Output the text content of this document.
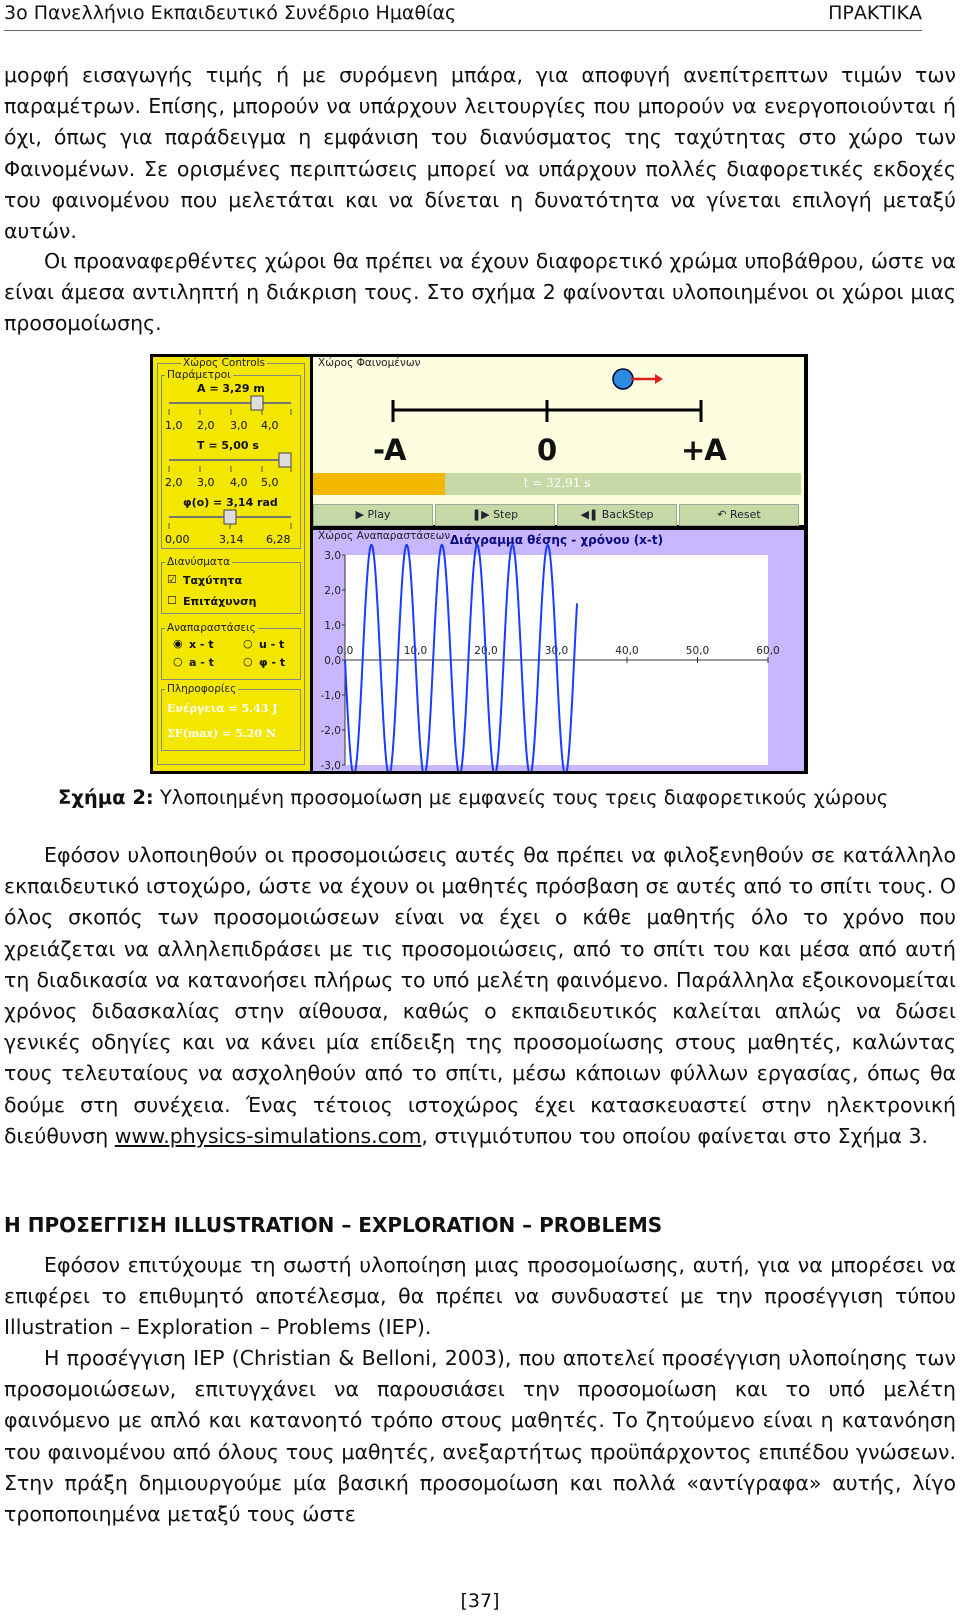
3ο Πανελλήνιο Εκπαιδευτικό Συνέδριο Ημαθίας	ΠΡΑΚΤΙΚΑ

μορφή εισαγωγής τιμής ή με συρόμενη μπάρα, για αποφυγή ανεπίτρεπτων τιμών των παραμέτρων. Επίσης, μπορούν να υπάρχουν λειτουργίες που μπορούν να ενεργοποιούνται ή όχι, όπως για παράδειγμα η εμφάνιση του διανύσματος της ταχύτητας στο χώρο των Φαινομένων. Σε ορισμένες περιπτώσεις μπορεί να υπάρχουν πολλές διαφορετικές εκδοχές του φαινομένου που μελετάται και να δίνεται η δυνατότητα να γίνεται επιλογή μεταξύ αυτών.

Οι προαναφερθέντες χώροι θα πρέπει να έχουν διαφορετικό χρώμα υποβάθρου, ώστε να είναι άμεσα αντιληπτή η διάκριση τους. Στο σχήμα 2 φαίνονται υλοποιημένοι οι χώροι μιας προσομοίωσης.

Χώρος Controls
Παράμετροι
A = 3,29 m
1,0 2,0 3,0 4,0
T = 5,00 s
2,0 3,0 4,0 5,0
φ(o) = 3,14 rad
0,00	3,14 6,28
Διανύσματα
☑ Ταχύτητα
☐ Επιτάχυνση
Αναπαραστάσεις
◉ x - t	○ u - t
○ a - t	○ φ - t
Πληροφορίες
Ενέργεια = 5.43 J
ΣF(max) = 5.20 N
Χώρος Φαινομένων
-A	0	+A
t = 32,91 s
▶ Play	❚▶ Step	◀❚ BackStep	↶ Reset
Χώρος Αναπαραστάσεων Διάγραμμα θέσης - χρόνου (x-t)
3,0
2,0
1,0
0,0
-1,0
-2,0
-3,0
0,0	10,0	20,0	30,0	40,0	50,0	60,0
Σχήμα 2: Υλοποιημένη προσομοίωση με εμφανείς τους τρεις διαφορετικούς χώρους

Εφόσον υλοποιηθούν οι προσομοιώσεις αυτές θα πρέπει να φιλοξενηθούν σε κατάλληλο εκπαιδευτικό ιστοχώρο, ώστε να έχουν οι μαθητές πρόσβαση σε αυτές από το σπίτι τους. Ο όλος σκοπός των προσομοιώσεων είναι να έχει ο κάθε μαθητής όλο το χρόνο που χρειάζεται να αλληλεπιδράσει με τις προσομοιώσεις, από το σπίτι του και μέσα από αυτή τη διαδικασία να κατανοήσει πλήρως το υπό μελέτη φαινόμενο. Παράλληλα εξοικονομείται χρόνος διδασκαλίας στην αίθουσα, καθώς ο εκπαιδευτικός καλείται απλώς να δώσει γενικές οδηγίες και να κάνει μία επίδειξη της προσομοίωσης στους μαθητές, καλώντας τους τελευταίους να ασχοληθούν από το σπίτι, μέσω κάποιων φύλλων εργασίας, όπως θα δούμε στη συνέχεια. Ένας τέτοιος ιστοχώρος έχει κατασκευαστεί στην ηλεκτρονική διεύθυνση www.physics-simulations.com, στιγμιότυπου του οποίου φαίνεται στο Σχήμα 3.

Η ΠΡΟΣΕΓΓΙΣΗ ILLUSTRATION – EXPLORATION – PROBLEMS

Εφόσον επιτύχουμε τη σωστή υλοποίηση μιας προσομοίωσης, αυτή, για να μπορέσει να επιφέρει το επιθυμητό αποτέλεσμα, θα πρέπει να συνδυαστεί με την προσέγγιση τύπου Illustration – Exploration – Problems (IEP).

Η προσέγγιση IEP (Christian & Belloni, 2003), που αποτελεί προσέγγιση υλοποίησης των προσομοιώσεων, επιτυγχάνει να παρουσιάσει την προσομοίωση και το υπό μελέτη φαινόμενο με απλό και κατανοητό τρόπο στους μαθητές. Το ζητούμενο είναι η κατανόηση του φαινομένου από όλους τους μαθητές, ανεξαρτήτως προϋπάρχοντος επιπέδου γνώσεων. Στην πράξη δημιουργούμε μία βασική προσομοίωση και πολλά «αντίγραφα» αυτής, λίγο τροποποιημένα μεταξύ τους ώστε

[37]
